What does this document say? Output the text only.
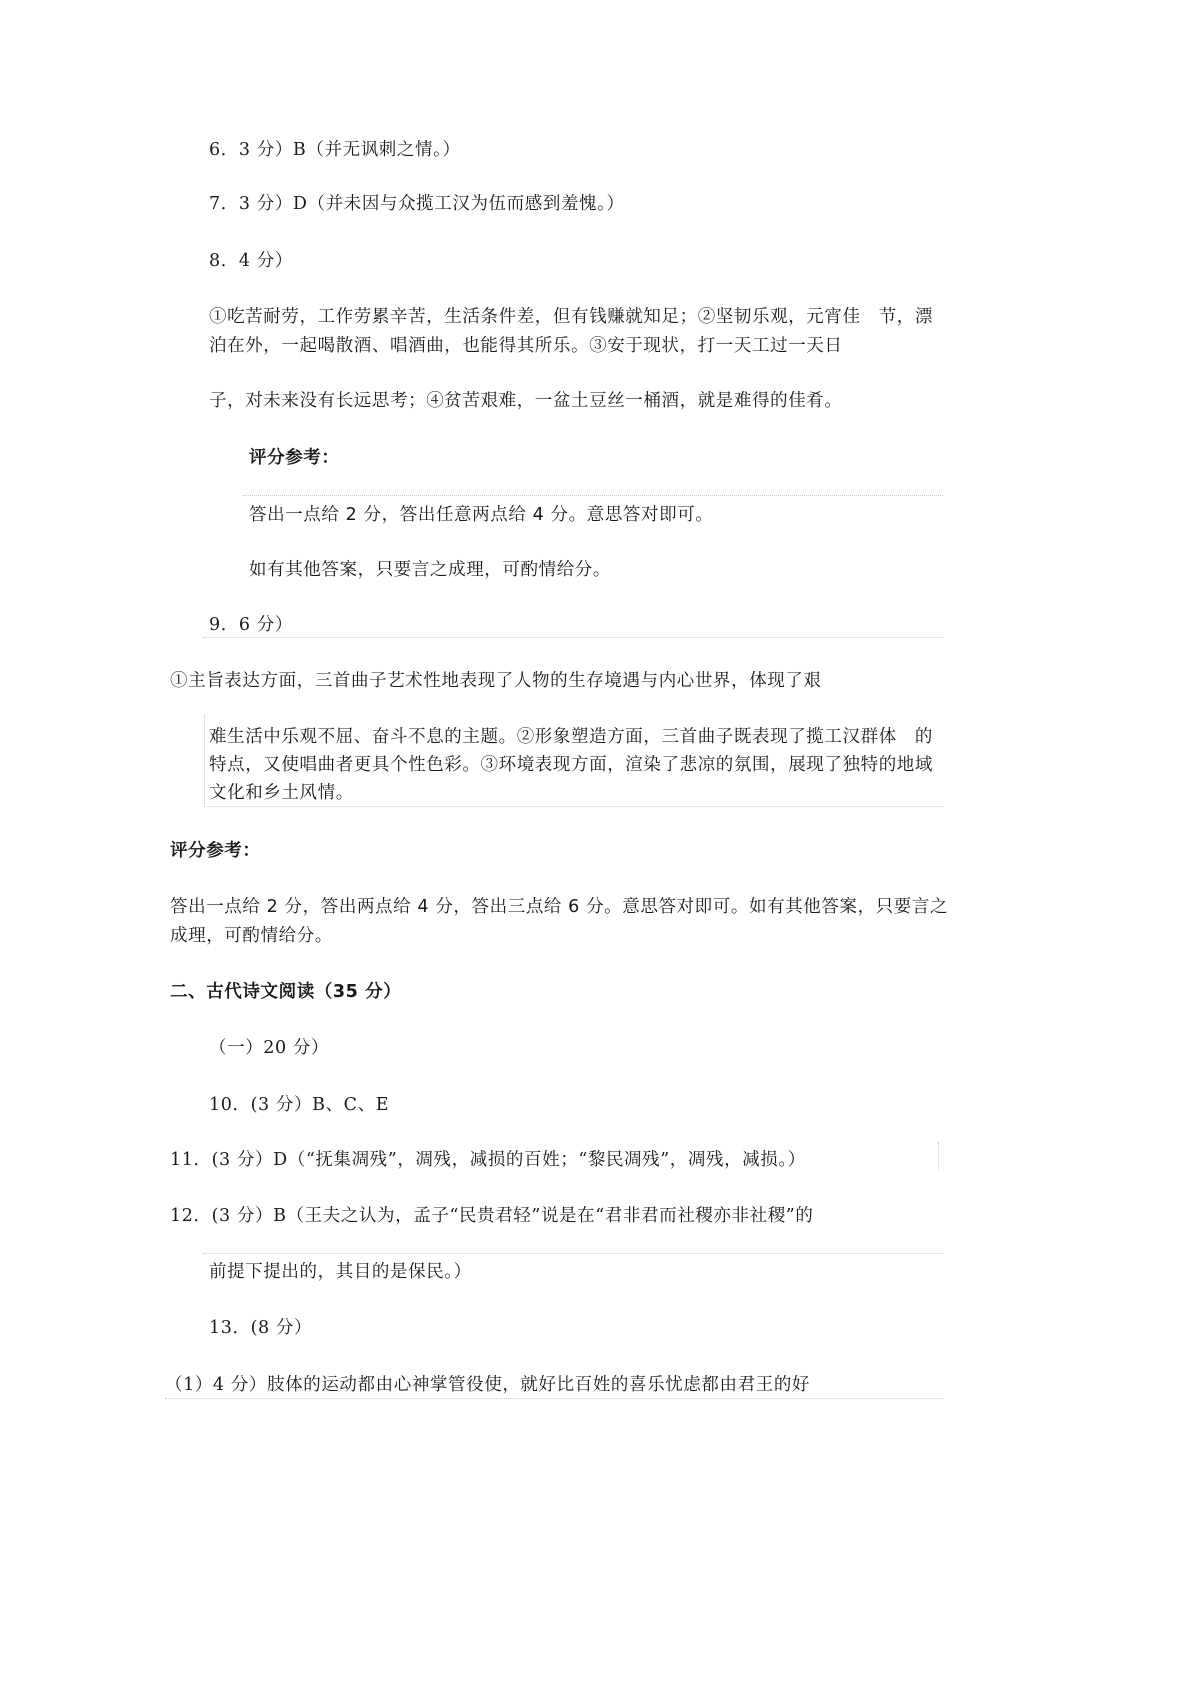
6．3 分）B（并无讽刺之情。）
7．3 分）D（并未因与众揽工汉为伍而感到羞愧。）
8．4 分）
①吃苦耐劳，工作劳累辛苦，生活条件差，但有钱赚就知足；②坚韧乐观，元宵佳　节，漂
泊在外，一起喝散酒、唱酒曲，也能得其所乐。③安于现状，打一天工过一天日
子，对未来没有长远思考；④贫苦艰难，一盆土豆丝一桶酒，就是难得的佳肴。
评分参考：
答出一点给 2 分，答出任意两点给 4 分。意思答对即可。
如有其他答案，只要言之成理，可酌情给分。
9．6 分）
①主旨表达方面，三首曲子艺术性地表现了人物的生存境遇与内心世界，体现了艰
难生活中乐观不屈、奋斗不息的主题。②形象塑造方面，三首曲子既表现了揽工汉群体　的
特点，又使唱曲者更具个性色彩。③环境表现方面，渲染了悲凉的氛围，展现了独特的地域
文化和乡土风情。
评分参考：
答出一点给 2 分，答出两点给 4 分，答出三点给 6 分。意思答对即可。如有其他答案，只要言之
成理，可酌情给分。
二、古代诗文阅读（35 分）
（一）20 分）
10．(3 分）B、C、E
11．(3 分）D（“抚集凋残”，凋残，减损的百姓；“黎民凋残”，凋残，减损。）
12．(3 分）B（王夫之认为，孟子“民贵君轻”说是在“君非君而社稷亦非社稷”的
前提下提出的，其目的是保民。）
13．(8 分）
（1）4 分）肢体的运动都由心神掌管役使，就好比百姓的喜乐忧虑都由君王的好
